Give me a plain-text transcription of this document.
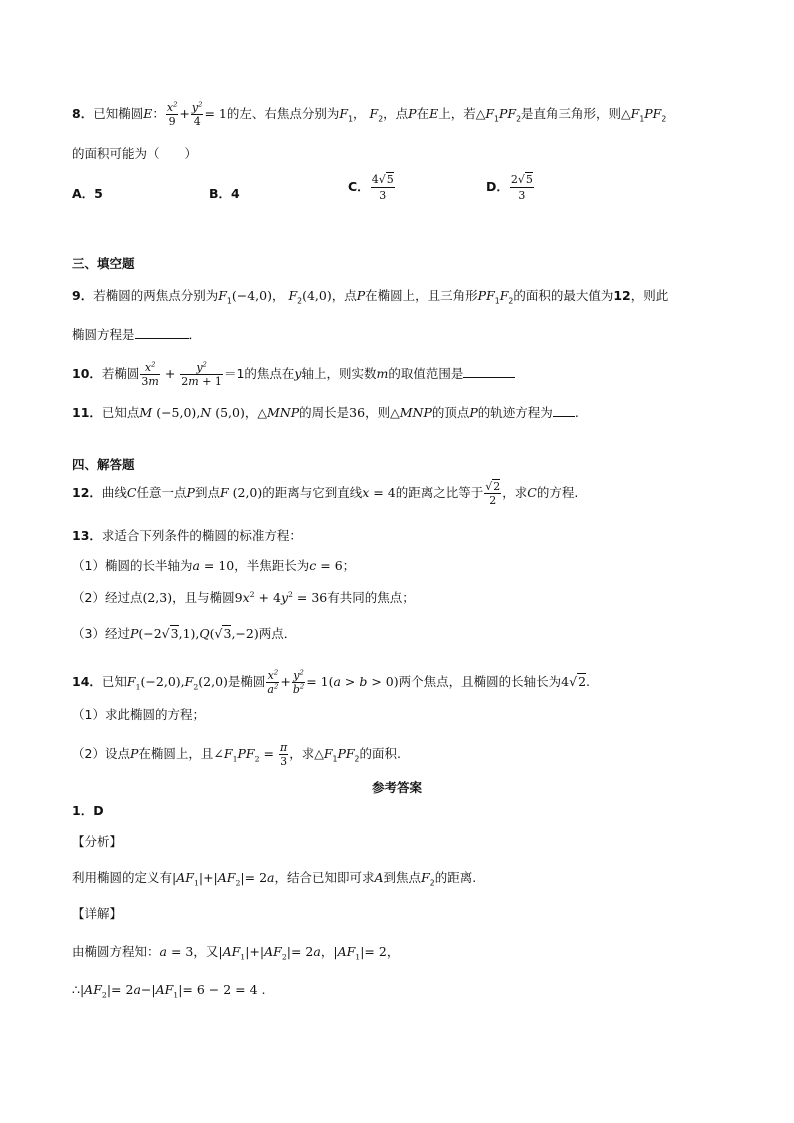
8．已知椭圆E： $\frac{x^2}{9} + \frac{y^2}{4} = 1$的左、右焦点分别为$F_1$， $F_2$，点P在E上，若$\triangle F_1PF_2$是直角三角形，则$\triangle F_1PF_2$
的面积可能为（　　）
A．5	B．4	C． $\frac{4√5}{3}$	D． $\frac{2√5}{3}$
三、填空题
9．若椭圆的两焦点分别为$F_1(-4,0)$， $F_2(4,0)$，点P在椭圆上，且三角形$PF_1F_2$的面积的最大值为12，则此
椭圆方程是	．
10．若椭圆 $\frac{x^2}{3m} + \frac{y^2}{2m + 1} =1$的焦点在y轴上，则实数m的取值范围是
11．已知点M (−5,0),N (5,0)，△MNP的周长是36，则△MNP的顶点P的轨迹方程为 .
四、解答题
12．曲线C任意一点P到点F (2,0)的距离与它到直线x = 4的距离之比等于 $\frac{√2}{2}$ ，求C的方程.
13．求适合下列条件的椭圆的标准方程：
（1）椭圆的长半轴为a = 10，半焦距长为c = 6；
（2）经过点(2,3)，且与椭圆$9x^2 + 4y^2 = 36$有共同的焦点；
（3）经过P(−2√3,1),Q(√3,−2)两点．
14．已知$F_1(-2,0),F_2(2,0)$是椭圆 $\frac{x^2}{a^2} + \frac{y^2}{b^2} = 1(a > b > 0)$两个焦点，且椭圆的长轴长为4√2.
（1）求此椭圆的方程；
（2）设点P在椭圆上，且$\angle F_1PF_2 = \frac{\pi}{3}$ ，求$\triangle F_1PF_2$的面积.
参考答案
1．D
【分析】
利用椭圆的定义有$|AF_1|+|AF_2|= 2a$，结合已知即可求A到焦点$F_2$的距离.
【详解】
由椭圆方程知：a = 3，又$|AF_1|+|AF_2|= 2a$，$|AF_1|= 2$，
$\therefore|AF_2|= 2a-|AF_1|= 6 - 2 = 4$ .
